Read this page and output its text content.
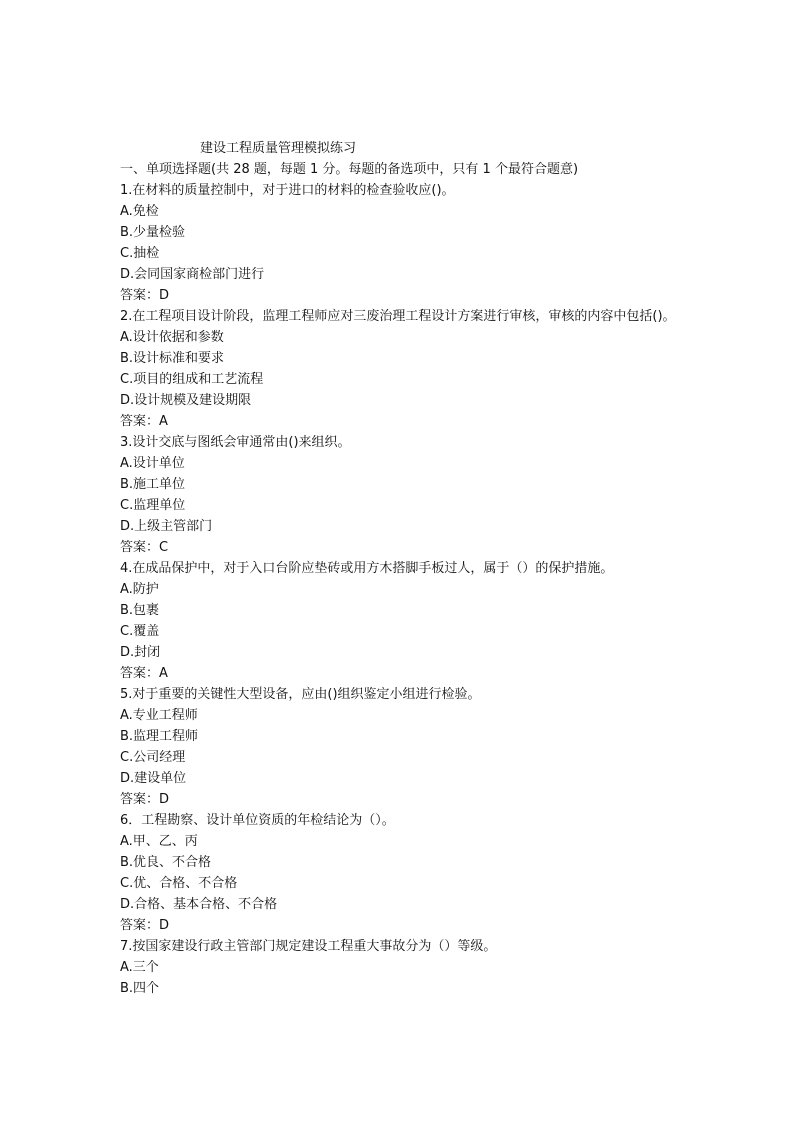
建设工程质量管理模拟练习
一、单项选择题(共 28 题，每题 1 分。每题的备选项中，只有 1 个最符合题意)
1.在材料的质量控制中，对于进口的材料的检查验收应()。
A.免检
B.少量检验
C.抽检
D.会同国家商检部门进行
答案：D
2.在工程项目设计阶段，监理工程师应对三废治理工程设计方案进行审核，审核的内容中包括()。
A.设计依据和参数
B.设计标准和要求
C.项目的组成和工艺流程
D.设计规模及建设期限
答案：A
3.设计交底与图纸会审通常由()来组织。
A.设计单位
B.施工单位
C.监理单位
D.上级主管部门
答案：C
4.在成品保护中，对于入口台阶应垫砖或用方木搭脚手板过人，属于（）的保护措施。
A.防护
B.包裹
C.覆盖
D.封闭
答案：A
5.对于重要的关键性大型设备，应由()组织鉴定小组进行检验。
A.专业工程师
B.监理工程师
C.公司经理
D.建设单位
答案：D
6．工程勘察、设计单位资质的年检结论为（）。
A.甲、乙、丙
B.优良、不合格
C.优、合格、不合格
D.合格、基本合格、不合格
答案：D
7.按国家建设行政主管部门规定建设工程重大事故分为（）等级。
A.三个
B.四个
